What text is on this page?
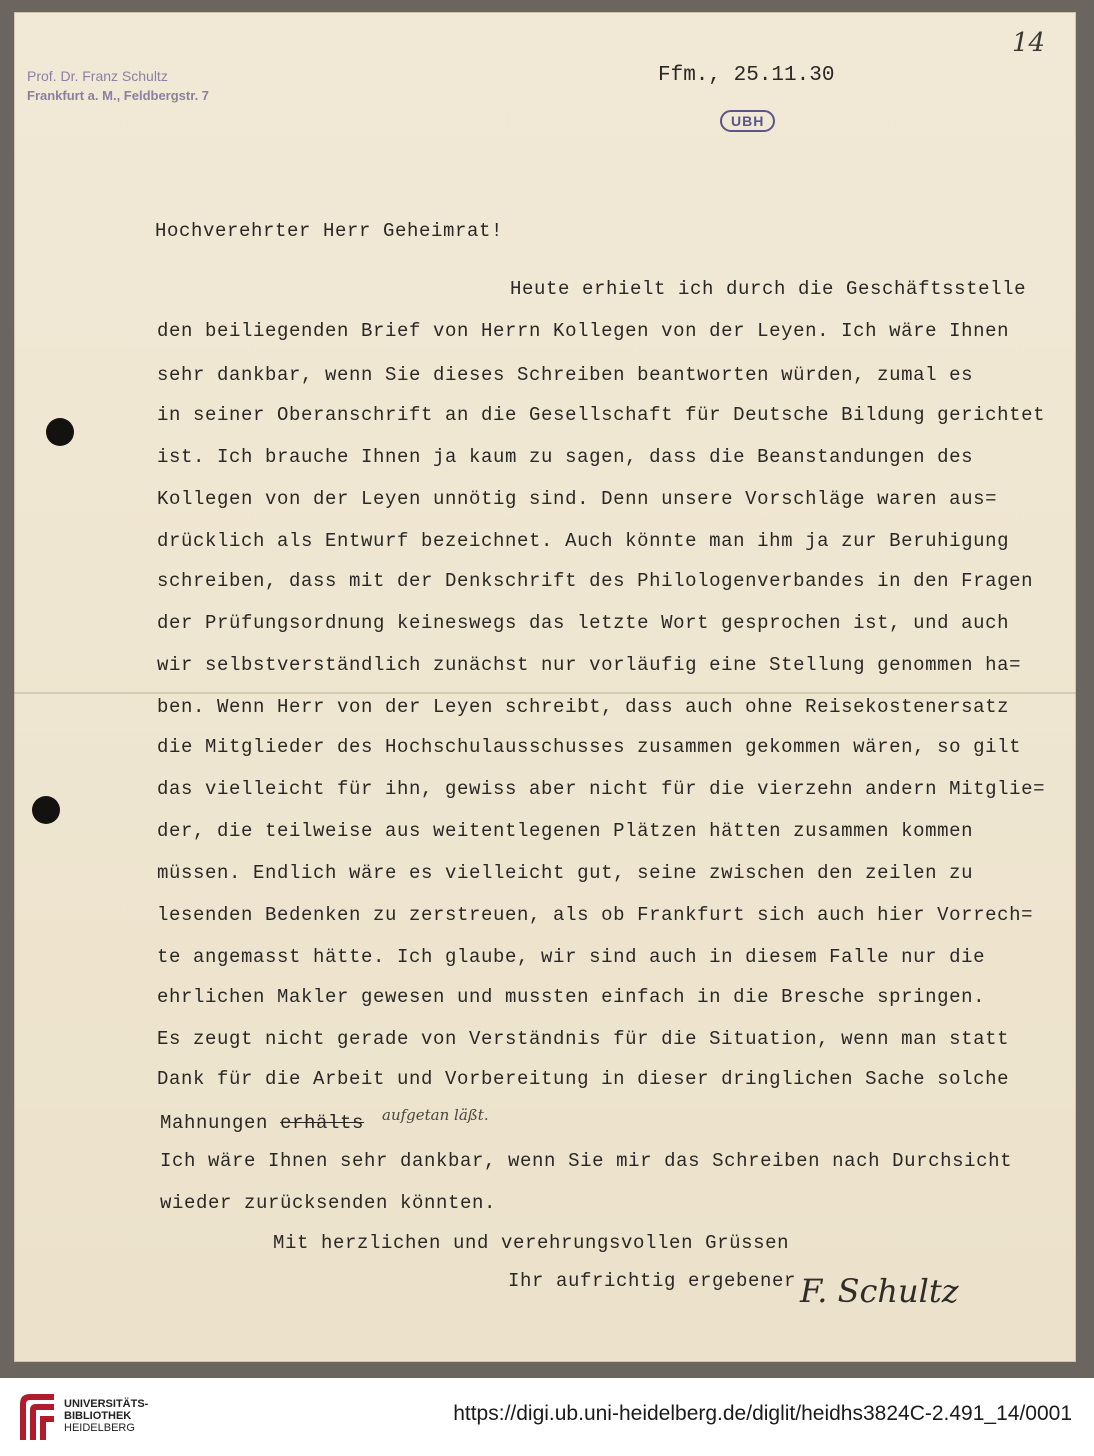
Prof. Dr. Franz Schultz
Frankfurt a. M., Feldbergstr. 7
14
Ffm., 25.11.30
UBH
Hochverehrter Herr Geheimrat!
Heute erhielt ich durch die Geschäftsstelle
den beiliegenden Brief von Herrn Kollegen von der Leyen. Ich wäre Ihnen
sehr dankbar, wenn Sie dieses Schreiben beantworten würden, zumal es
in seiner Oberanschrift an die Gesellschaft für Deutsche Bildung gerichtet
ist. Ich brauche Ihnen ja kaum zu sagen, dass die Beanstandungen des
Kollegen von der Leyen unnötig sind. Denn unsere Vorschläge waren aus=
drücklich als Entwurf bezeichnet. Auch könnte man ihm ja zur Beruhigung
schreiben, dass mit der Denkschrift des Philologenverbandes in den Fragen
der Prüfungsordnung keineswegs das letzte Wort gesprochen ist, und auch
wir selbstverständlich zunächst nur vorläufig eine Stellung genommen ha=
ben. Wenn Herr von der Leyen schreibt, dass auch ohne Reisekostenersatz
die Mitglieder des Hochschulausschusses zusammen gekommen wären, so gilt
das vielleicht für ihn, gewiss aber nicht für die vierzehn andern Mitglie=
der, die teilweise aus weitentlegenen Plätzen hätten zusammen kommen
müssen. Endlich wäre es vielleicht gut, seine zwischen den zeilen zu
lesenden Bedenken zu zerstreuen, als ob Frankfurt sich auch hier Vorrech=
te angemasst hätte. Ich glaube, wir sind auch in diesem Falle nur die
ehrlichen Makler gewesen und mussten einfach in die Bresche springen.
Es zeugt nicht gerade von Verständnis für die Situation, wenn man statt
Dank für die Arbeit und Vorbereitung in dieser dringlichen Sache solche
Mahnungen erhälts aufgetan läßt.
Ich wäre Ihnen sehr dankbar, wenn Sie mir das Schreiben nach Durchsicht
wieder zurücksenden könnten.
Mit herzlichen und verehrungsvollen Grüssen
Ihr aufrichtig ergebener F. Schultz
UNIVERSITÄTS-
BIBLIOTHEK
HEIDELBERG
https://digi.ub.uni-heidelberg.de/diglit/heidhs3824C-2.491_14/0001
